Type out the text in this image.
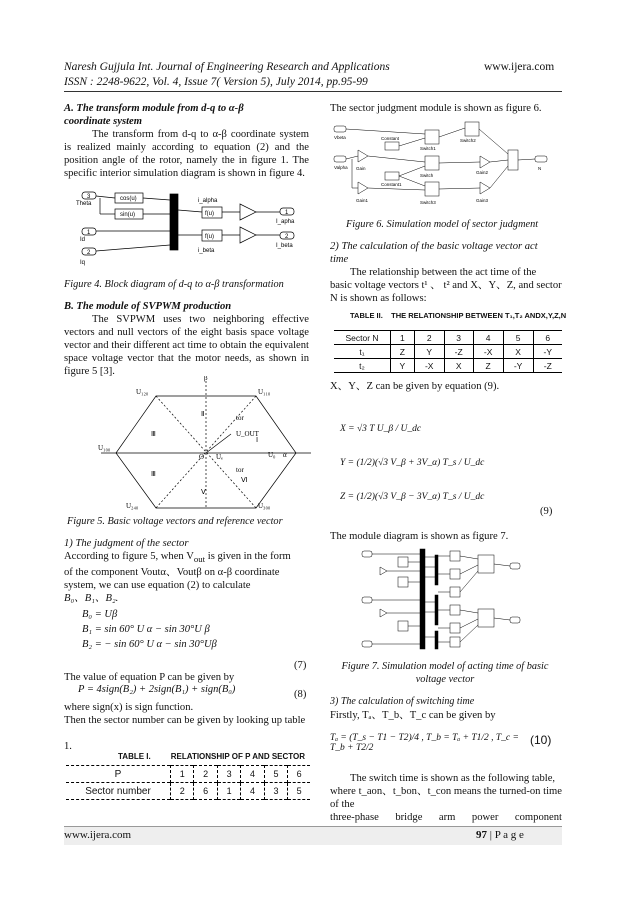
Naresh Gujjula Int. Journal of Engineering Research and Applications	www.ijera.com
ISSN : 2248-9622, Vol. 4, Issue 7( Version 5), July 2014, pp.95-99
A. The transform module from d-q to α-β
coordinate system
The transform from d-q to α-β coordinate system is realized mainly according to equation (2) and the position angle of the rotor, namely the in figure 1. The specific interior simulation diagram is shown in figure 4.
3
Theta
cos(u)
sin(u)
1
Id
2
Iq
i_alpha
f(u)
f(u)
i_beta
1
I_apha
2
I_beta
Figure 4. Block diagram of d-q to α-β transformation
B. The module of SVPWM production
The SVPWM uses two neighboring effective vectors and null vectors of the eight basis space voltage vector and their different act time to obtain the equivalent space voltage vector that the motor needs, as shown in figure 5 [3].
β
U₁₂₀	U₁₁₀
U₁₀₀
U₀
U₂₄₀	U₃₀₀
α
O
U_OUT
Uₑ
tor
tor
Ⅱ
Ⅲ
Ⅲ
Ⅴ
Ⅵ
Ⅰ
Figure 5. Basic voltage vectors and reference vector
1) The judgment of the sector
According to figure 5, when $V_{out}$ is given in the form
of the component Voutα、Voutβ on α-β coordinate
system, we can use equation (2) to calculate
B₀、B₁、B₂.
B₀ = Uβ
B₁ = sin 60° U α − sin 30°U β
B₂ = − sin 60° U α − sin 30°Uβ
(7)
The value of equation P can be given by
P = 4sign(B₂) + 2sign(B₁) + sign(B₀)	(8)
where sign(x) is sign function.
Then the sector number can be given by looking up table
1.
TABLE I.	RELATIONSHIP OF P AND SECTOR
P	1	2	3	4	5	6
Sector number	2	6	1	4	3	5
The sector judgment module is shown as figure 6.
Vbeta
Valpha Gain
Gain1
Constant
Constant1
Switch1
Switch
Switch3
Switch2
Gain2
Gain3
N
Figure 6. Simulation model of sector judgment
2) The calculation of the basic voltage vector act
time
The relationship between the act time of the
basic voltage vectors t¹ 、 t² and X、Y、Z, and sector
N is shown as follows:
TABLE II. THE RELATIONSHIP BETWEEN T₁,T₂ ANDX,Y,Z,N
Sector N	1	2	3	4	5	6
t₁	Z	Y	-Z	-X	X	-Y
t₂	Y	-X	X	Z	-Y	-Z
X、Y、Z can be given by equation (9).
X = √3 T U_β / U_dc
Y = (1/2)(√3 V_β + 3V_α) T_s / U_dc
Z = (1/2)(√3 V_β − 3V_α) T_s / U_dc
(9)
The module diagram is shown as figure 7.
Figure 7. Simulation model of acting time of basic
voltage vector
3) The calculation of switching time
Firstly, Tₐ、T_b、T_c can be given by
Tₐ = (T_s − T1 − T2)/4 , T_b = Tₐ + T1/2 , T_c = T_b + T2/2
(10)
The switch time is shown as the following table,
where t_aon、t_bon、t_con means the turned-on time of the
three-phase bridge arm power component
www.ijera.com	97 | P a g e
